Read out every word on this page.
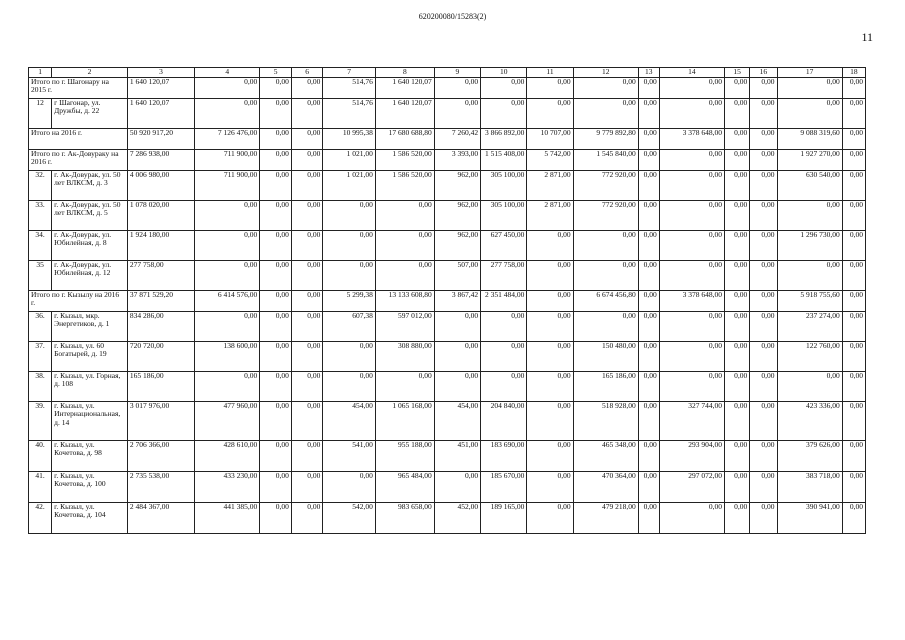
620200080/15283(2)
11
1	2	3	4	5	6	7	8	9	10	11	12	13	14	15	16	17	18
Итого по г. Шагонару на 2015 г.		1 640 120,07	0,00	0,00	0,00	514,76	1 640 120,07	0,00	0,00	0,00	0,00	0,00	0,00	0,00	0,00	0,00	0,00
12	г Шагонар, ул. Дружбы, д. 22	1 640 120,07	0,00	0,00	0,00	514,76	1 640 120,07	0,00	0,00	0,00	0,00	0,00	0,00	0,00	0,00	0,00	0,00
Итого на 2016 г.		50 920 917,20	7 126 476,00	0,00	0,00	10 995,38	17 680 688,80	7 260,42	3 866 892,00	10 707,00	9 779 892,80	0,00	3 378 648,00	0,00	0,00	9 088 319,60	0,00
Итого по г. Ак-Довураку на 2016 г.		7 286 938,00	711 900,00	0,00	0,00	1 021,00	1 586 520,00	3 393,00	1 515 408,00	5 742,00	1 545 840,00	0,00	0,00	0,00	0,00	1 927 270,00	0,00
32.	г. Ак-Довурак, ул. 50 лет ВЛКСМ, д. 3	4 006 980,00	711 900,00	0,00	0,00	1 021,00	1 586 520,00	962,00	305 100,00	2 871,00	772 920,00	0,00	0,00	0,00	0,00	630 540,00	0,00
33.	г. Ак-Довурак, ул. 50 лет ВЛКСМ, д. 5	1 078 020,00	0,00	0,00	0,00	0,00	0,00	962,00	305 100,00	2 871,00	772 920,00	0,00	0,00	0,00	0,00	0,00	0,00
34.	г. Ак-Довурак, ул. Юбилейная, д. 8	1 924 180,00	0,00	0,00	0,00	0,00	0,00	962,00	627 450,00	0,00	0,00	0,00	0,00	0,00	0,00	1 296 730,00	0,00
35	г. Ак-Довурак, ул. Юбилейная, д. 12	277 758,00	0,00	0,00	0,00	0,00	0,00	507,00	277 758,00	0,00	0,00	0,00	0,00	0,00	0,00	0,00	0,00
Итого по г. Кызылу на 2016 г.		37 871 529,20	6 414 576,00	0,00	0,00	5 299,38	13 133 608,80	3 867,42	2 351 484,00	0,00	6 674 456,80	0,00	3 378 648,00	0,00	0,00	5 918 755,60	0,00
36.	г. Кызыл, мкр. Энергетиков, д. 1	834 286,00	0,00	0,00	0,00	607,38	597 012,00	0,00	0,00	0,00	0,00	0,00	0,00	0,00	0,00	237 274,00	0,00
37.	г. Кызыл, ул. 60 Богатырей, д. 19	720 720,00	138 600,00	0,00	0,00	0,00	308 880,00	0,00	0,00	0,00	150 480,00	0,00	0,00	0,00	0,00	122 760,00	0,00
38.	г. Кызыл, ул. Горная, д. 108	165 186,00	0,00	0,00	0,00	0,00	0,00	0,00	0,00	0,00	165 186,00	0,00	0,00	0,00	0,00	0,00	0,00
39.	г. Кызыл, ул. Интернациональная, д. 14	3 017 976,00	477 960,00	0,00	0,00	454,00	1 065 168,00	454,00	204 840,00	0,00	518 928,00	0,00	327 744,00	0,00	0,00	423 336,00	0,00
40.	г. Кызыл, ул. Кочетова, д. 98	2 706 366,00	428 610,00	0,00	0,00	541,00	955 188,00	451,00	183 690,00	0,00	465 348,00	0,00	293 904,00	0,00	0,00	379 626,00	0,00
41.	г. Кызыл, ул. Кочетова, д. 100	2 735 538,00	433 230,00	0,00	0,00	0,00	965 484,00	0,00	185 670,00	0,00	470 364,00	0,00	297 072,00	0,00	0,00	383 718,00	0,00
42.	г. Кызыл, ул. Кочетова, д. 104	2 484 367,00	441 385,00	0,00	0,00	542,00	983 658,00	452,00	189 165,00	0,00	479 218,00	0,00	0,00	0,00	0,00	390 941,00	0,00
